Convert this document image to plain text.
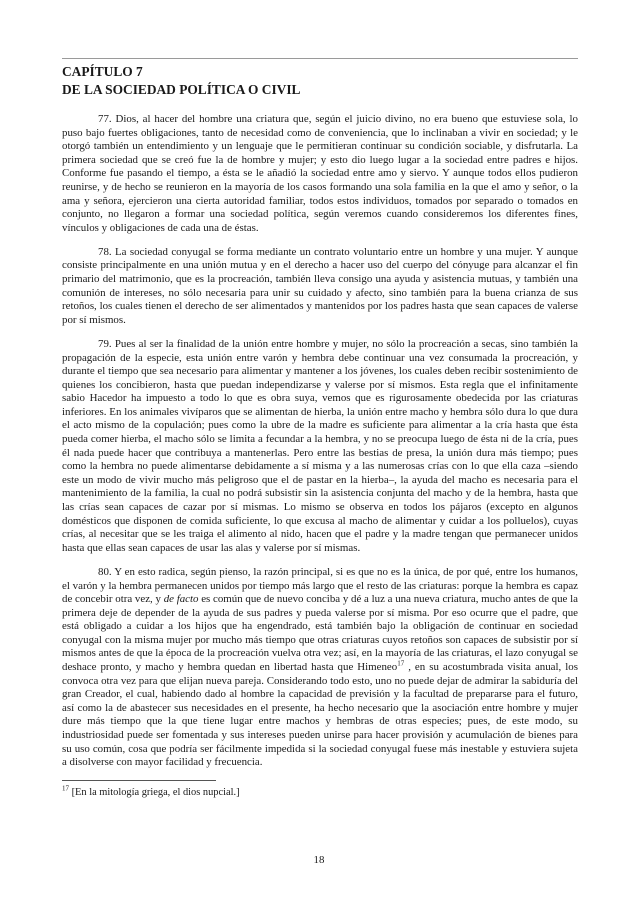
CAPÍTULO 7
DE LA SOCIEDAD POLÍTICA O CIVIL

77. Dios, al hacer del hombre una criatura que, según el juicio divino, no era bueno que estuviese sola, lo puso bajo fuertes obligaciones, tanto de necesidad como de conveniencia, que lo inclinaban a vivir en sociedad; y le otorgó también un entendimiento y un lenguaje que le permitieran continuar su condición sociable, y disfrutarla. La primera sociedad que se creó fue la de hombre y mujer; y esto dio luego lugar a la sociedad entre padres e hijos. Conforme fue pasando el tiempo, a ésta se le añadió la sociedad entre amo y siervo. Y aunque todos ellos pudieron reunirse, y de hecho se reunieron en la mayoría de los casos formando una sola familia en la que el amo y señor, o la ama y señora, ejercieron una cierta autoridad familiar, todos estos individuos, tomados por separado o tomados en conjunto, no llegaron a formar una sociedad política, según veremos cuando consideremos los diferentes fines, vínculos y obligaciones de cada una de éstas.

78. La sociedad conyugal se forma mediante un contrato voluntario entre un hombre y una mujer. Y aunque consiste principalmente en una unión mutua y en el derecho a hacer uso del cuerpo del cónyuge para alcanzar el fin primario del matrimonio, que es la procreación, también lleva consigo una ayuda y asistencia mutuas, y también una comunión de intereses, no sólo necesaria para unir su cuidado y afecto, sino también para la buena crianza de sus retoños, los cuales tienen el derecho de ser alimentados y mantenidos por los padres hasta que sean capaces de valerse por sí mismos.

79. Pues al ser la finalidad de la unión entre hombre y mujer, no sólo la procreación a secas, sino también la propagación de la especie, esta unión entre varón y hembra debe continuar una vez consumada la procreación, y durante el tiempo que sea necesario para alimentar y mantener a los jóvenes, los cuales deben recibir sostenimiento de quienes los concibieron, hasta que puedan independizarse y valerse por sí mismos. Esta regla que el infinitamente sabio Hacedor ha impuesto a todo lo que es obra suya, vemos que es rigurosamente obedecida por las criaturas inferiores. En los animales vivíparos que se alimentan de hierba, la unión entre macho y hembra sólo dura lo que dura el acto mismo de la copulación; pues como la ubre de la madre es suficiente para alimentar a la cría hasta que ésta pueda comer hierba, el macho sólo se limita a fecundar a la hembra, y no se preocupa luego de ésta ni de la cría, pues él nada puede hacer que contribuya a mantenerlas. Pero entre las bestias de presa, la unión dura más tiempo; pues como la hembra no puede alimentarse debidamente a sí misma y a las numerosas crías con lo que ella caza –siendo este un modo de vivir mucho más peligroso que el de pastar en la hierba–, la ayuda del macho es necesaria para el mantenimiento de la familia, la cual no podrá subsistir sin la asistencia conjunta del macho y de la hembra, hasta que las crías sean capaces de cazar por sí mismas. Lo mismo se observa en todos los pájaros (excepto en algunos domésticos que disponen de comida suficiente, lo que excusa al macho de alimentar y cuidar a los polluelos), cuyas crías, al necesitar que se les traiga el alimento al nido, hacen que el padre y la madre tengan que permanecer unidos hasta que ellas sean capaces de usar las alas y valerse por sí mismas.

80. Y en esto radica, según pienso, la razón principal, si es que no es la única, de por qué, entre los humanos, el varón y la hembra permanecen unidos por tiempo más largo que el resto de las criaturas: porque la hembra es capaz de concebir otra vez, y de facto es común que de nuevo conciba y dé a luz a una nueva criatura, mucho antes de que la primera deje de depender de la ayuda de sus padres y pueda valerse por sí misma. Por eso ocurre que el padre, que está obligado a cuidar a los hijos que ha engendrado, está también bajo la obligación de continuar en sociedad conyugal con la misma mujer por mucho más tiempo que otras criaturas cuyos retoños son capaces de subsistir por sí mismos antes de que la época de la procreación vuelva otra vez; así, en la mayoría de las criaturas, el lazo conyugal se deshace pronto, y macho y hembra quedan en libertad hasta que Himeneo$^{17}$ , en su acostumbrada visita anual, los convoca otra vez para que elijan nueva pareja. Considerando todo esto, uno no puede dejar de admirar la sabiduría del gran Creador, el cual, habiendo dado al hombre la capacidad de previsión y la facultad de prepararse para el futuro, así como la de abastecer sus necesidades en el presente, ha hecho necesario que la asociación entre hombre y mujer dure más tiempo que la que tiene lugar entre machos y hembras de otras especies; pues, de este modo, su industriosidad puede ser fomentada y sus intereses pueden unirse para hacer provisión y acumulación de bienes para su uso común, cosa que podría ser fácilmente impedida si la sociedad conyugal fuese más inestable y estuviera sujeta a disolverse con mayor facilidad y frecuencia.

$^{17}$ [En la mitología griega, el dios nupcial.]
18
